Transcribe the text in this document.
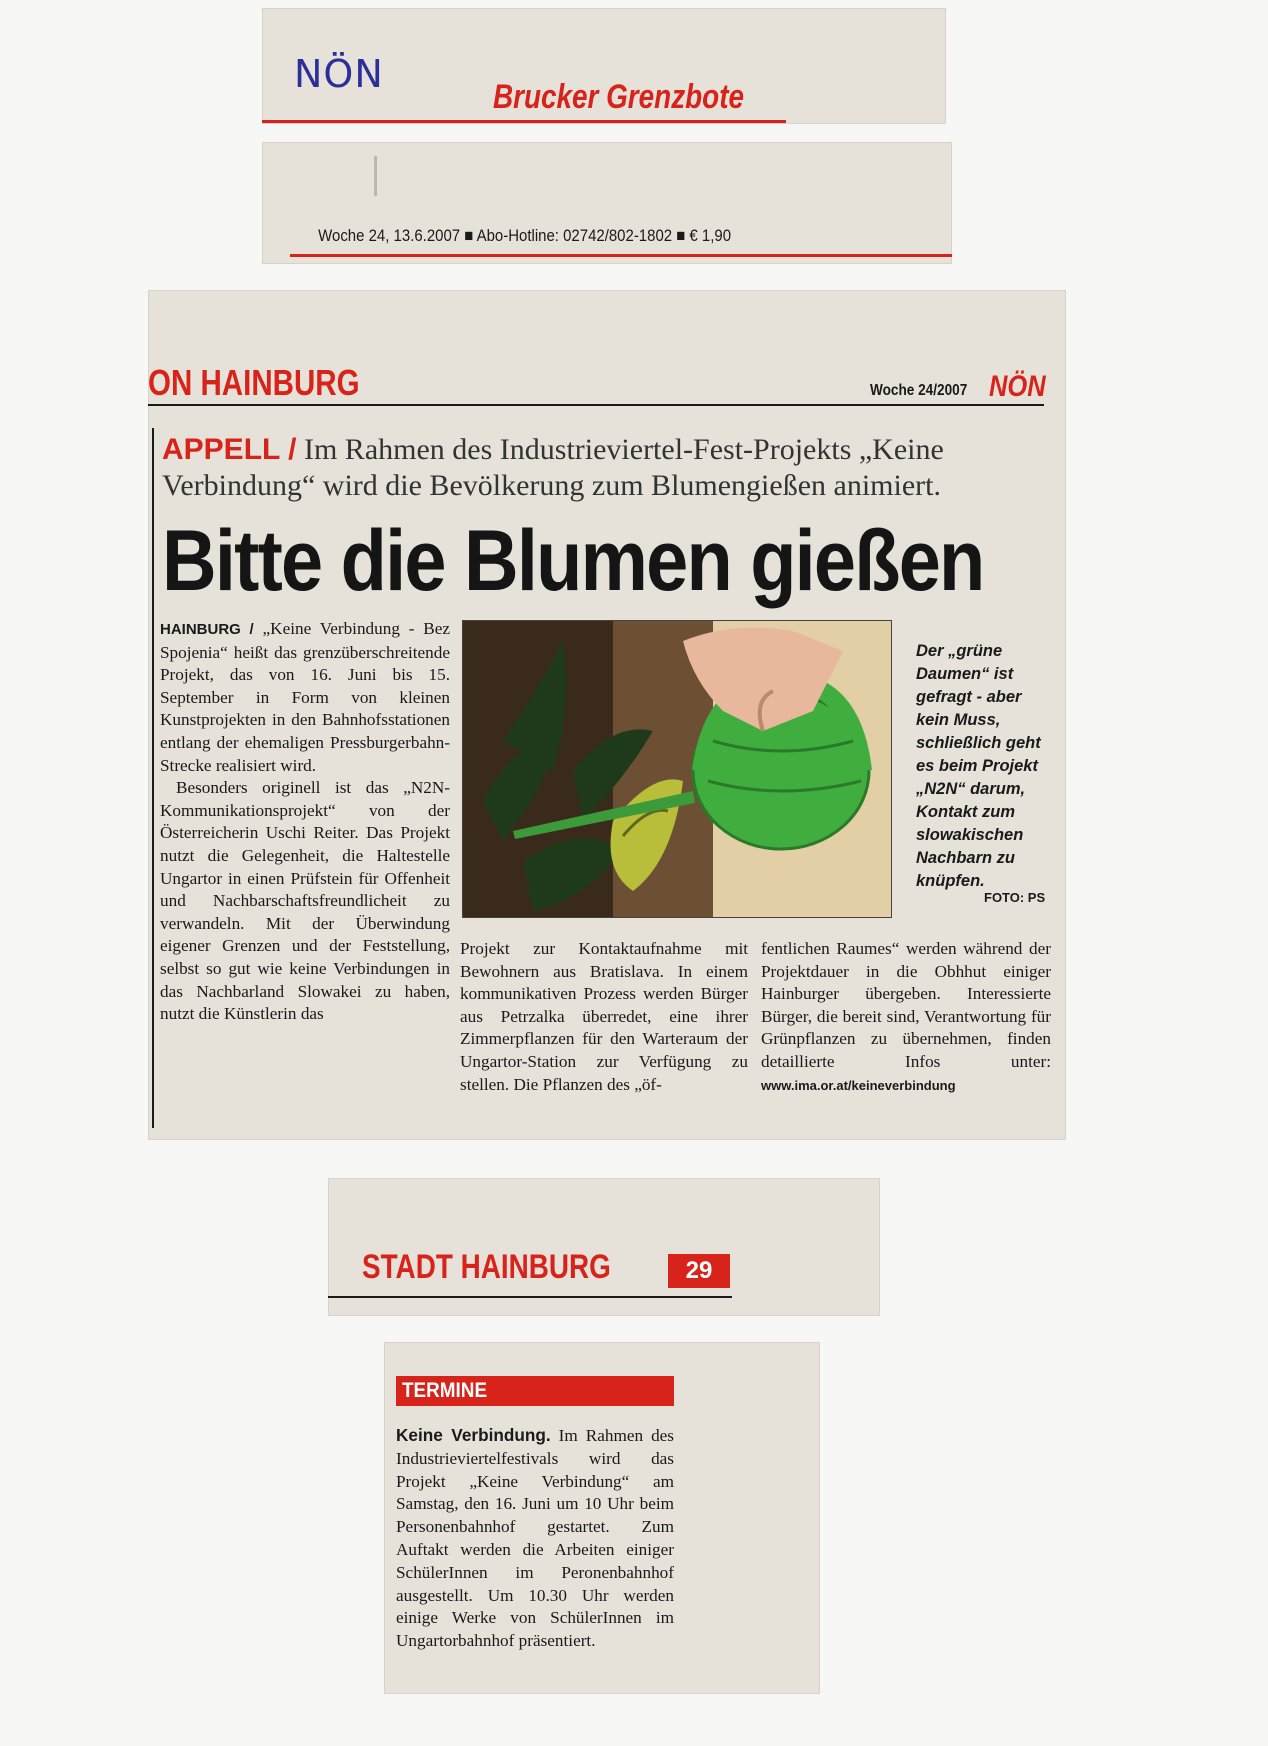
NÖN
Brucker Grenzbote
Woche 24, 13.6.2007 ■ Abo-Hotline: 02742/802-1802 ■ € 1,90
ON HAINBURG	Woche 24/2007 NÖN
APPELL / Im Rahmen des Industrieviertel-Fest-Projekts „Keine Verbindung“ wird die Bevölkerung zum Blumengießen animiert.
Bitte die Blumen gießen

HAINBURG / „Keine Verbindung - Bez Spojenia“ heißt das grenzüberschreitende Projekt, das von 16. Juni bis 15. September in Form von kleinen Kunstprojekten in den Bahnhofsstationen entlang der ehemaligen Pressburgerbahn-Strecke realisiert wird.

Besonders originell ist das „N2N-Kommunikationsprojekt“ von der Österreicherin Uschi Reiter. Das Projekt nutzt die Gelegenheit, die Haltestelle Ungartor in einen Prüfstein für Offenheit und Nachbarschaftsfreundlicheit zu verwandeln. Mit der Überwindung eigener Grenzen und der Feststellung, selbst so gut wie keine Verbindungen in das Nachbarland Slowakei zu haben, nutzt die Künstlerin das

Der „grüne Daumen“ ist gefragt - aber kein Muss, schließlich geht es beim Projekt „N2N“ darum, Kontakt zum slowakischen Nachbarn zu knüpfen.
FOTO: PS
Projekt zur Kontaktaufnahme mit Bewohnern aus Bratislava. In einem kommunikativen Prozess werden Bürger aus Petrzalka überredet, eine ihrer Zimmerpflanzen für den Warteraum der Ungartor-Station zur Verfügung zu stellen. Die Pflanzen des „öf-
fentlichen Raumes“ werden während der Projektdauer in die Obhhut einiger Hainburger übergeben. Interessierte Bürger, die bereit sind, Verantwortung für Grünpflanzen zu übernehmen, finden detaillierte Infos unter: www.ima.or.at/keineverbindung
STADT HAINBURG	29
TERMINE
Keine Verbindung. Im Rahmen des Industrieviertelfestivals wird das Projekt „Keine Verbindung“ am Samstag, den 16. Juni um 10 Uhr beim Personenbahnhof gestartet. Zum Auftakt werden die Arbeiten einiger SchülerInnen im Peronenbahnhof ausgestellt. Um 10.30 Uhr werden einige Werke von SchülerInnen im Ungartorbahnhof präsentiert.
